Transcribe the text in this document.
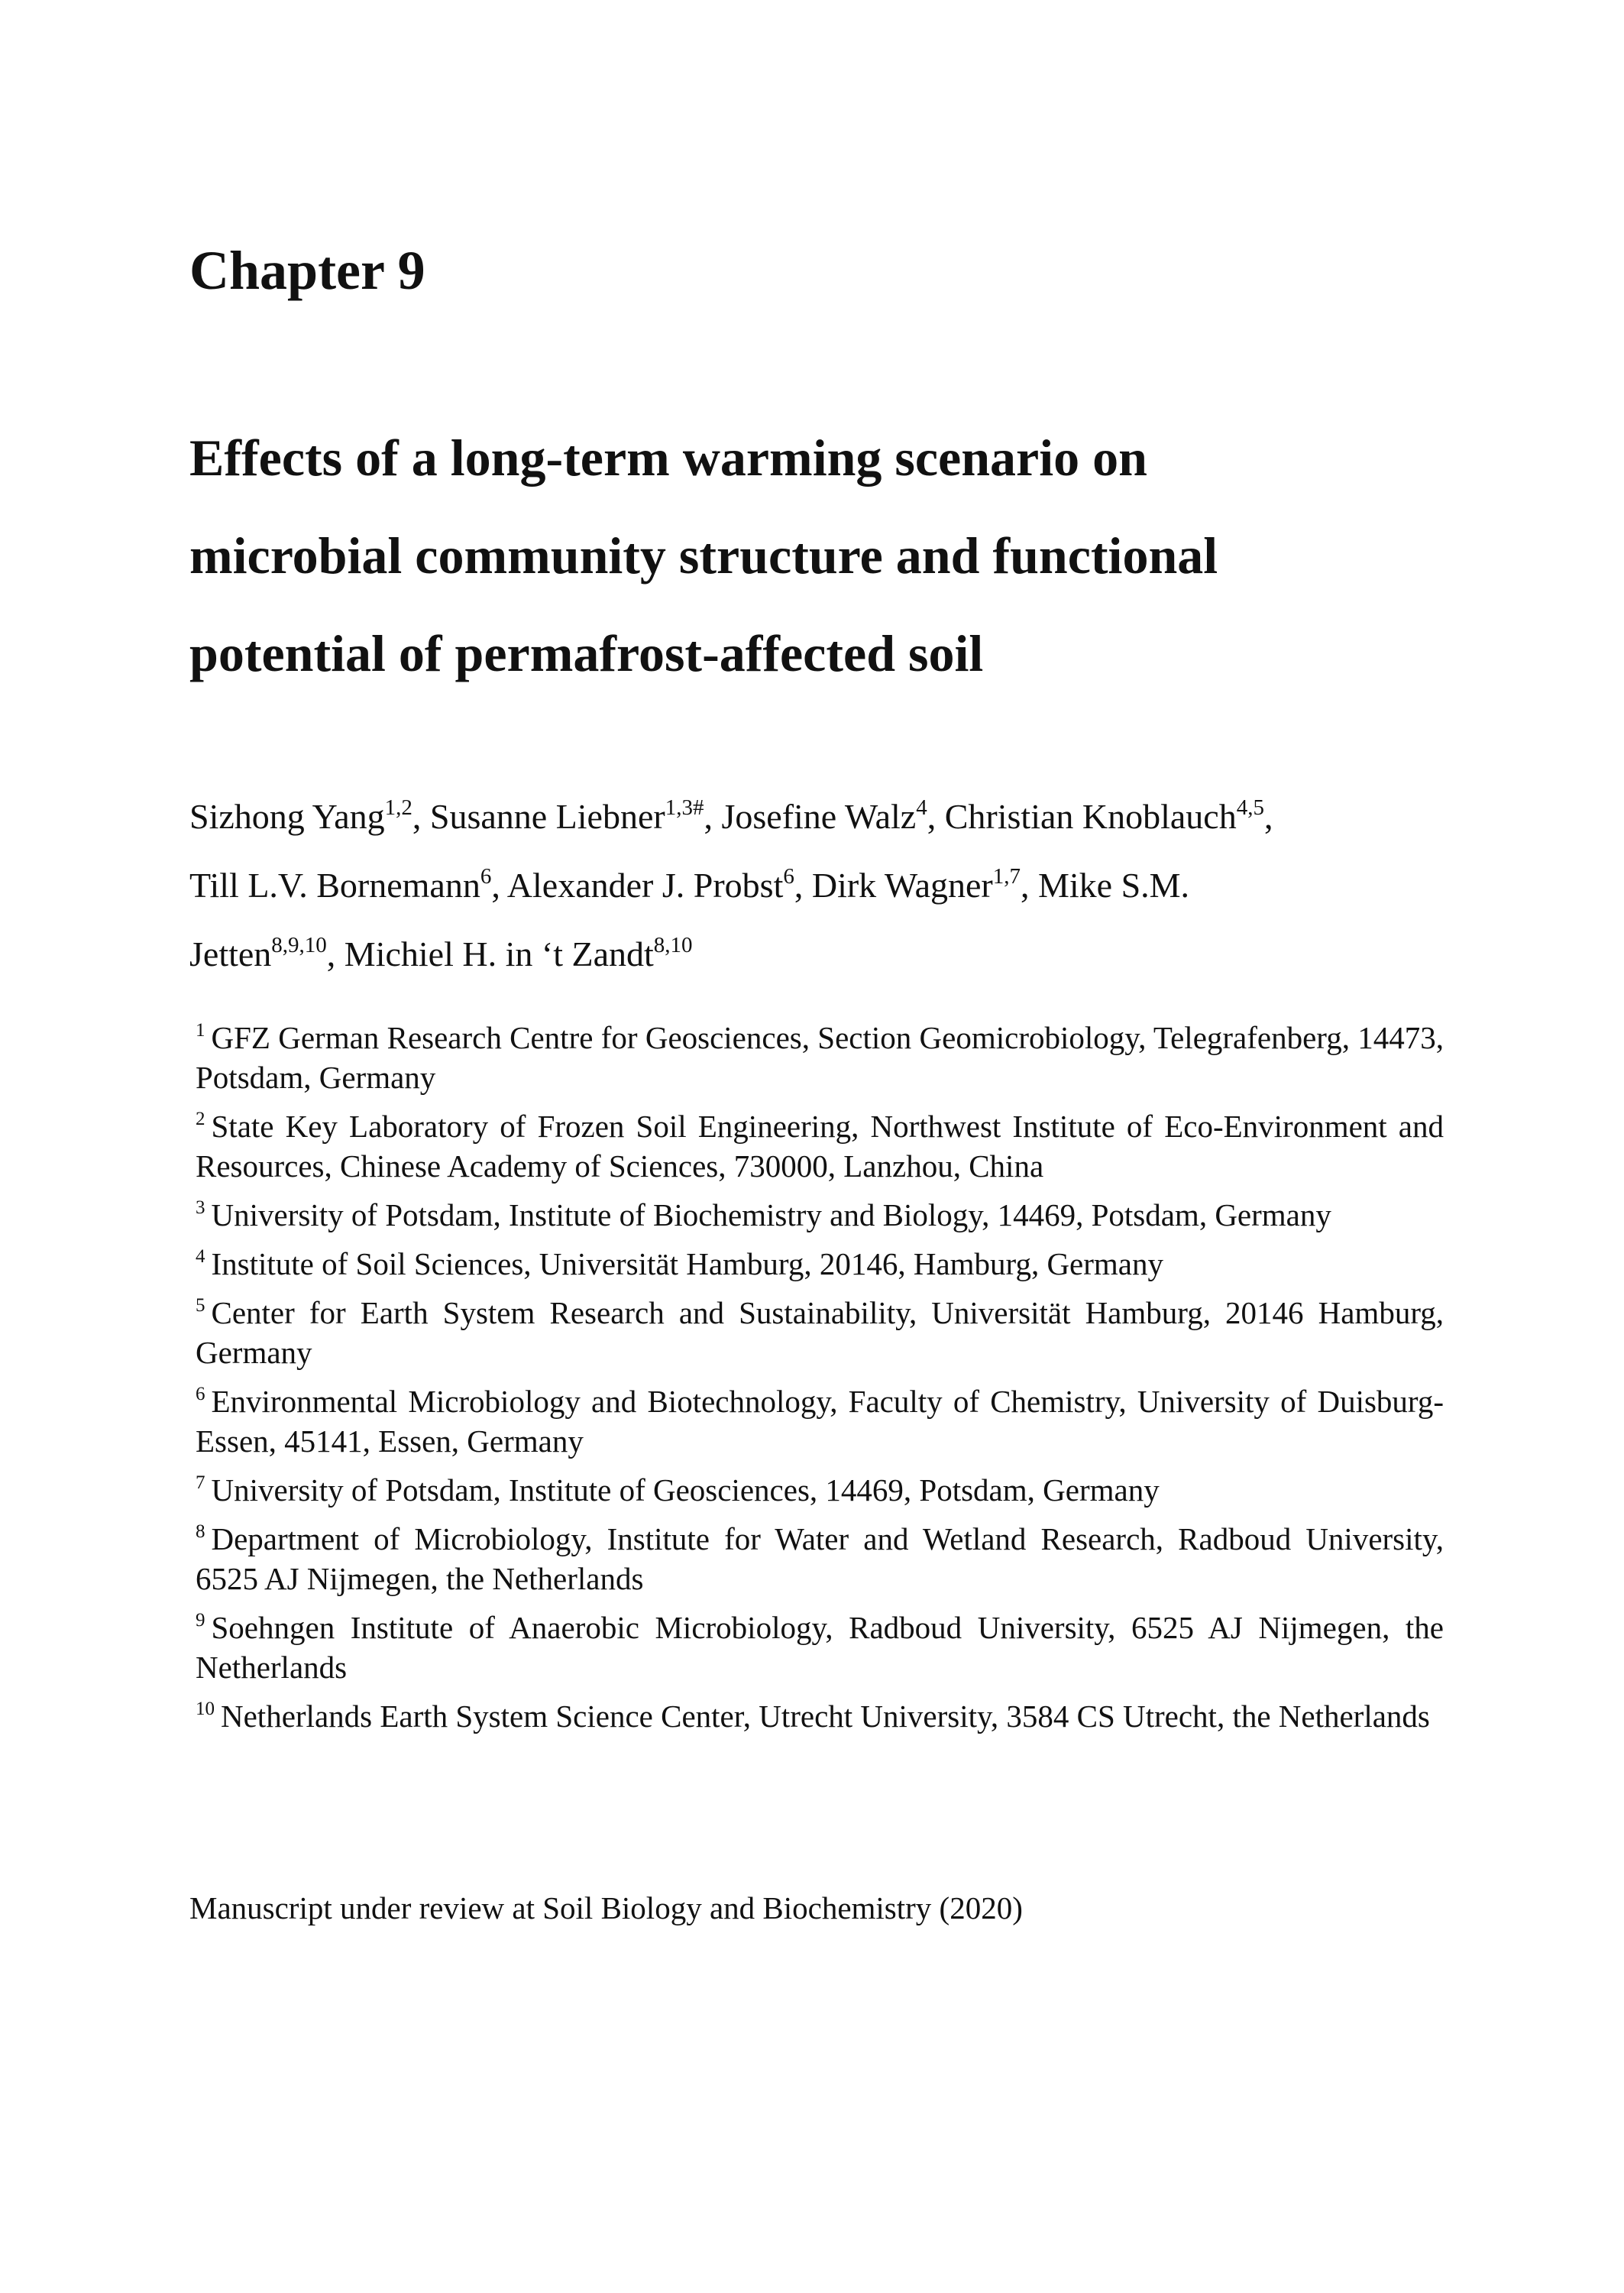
Chapter 9
Effects of a long-term warming scenario on
microbial community structure and functional
potential of permafrost-affected soil

Sizhong Yang$^{1,2}$, Susanne Liebner$^{1,3\#}$, Josefine Walz$^4$, Christian Knoblauch$^{4,5}$,
Till L.V. Bornemann$^6$, Alexander J. Probst$^6$, Dirk Wagner$^{1,7}$, Mike S.M.
Jetten$^{8,9,10}$, Michiel H. in ‘t Zandt$^{8,10}$

$^1$ GFZ German Research Centre for Geosciences, Section Geomicrobiology, Telegrafenberg, 14473, Potsdam, Germany

$^2$ State Key Laboratory of Frozen Soil Engineering, Northwest Institute of Eco-Environment and Resources, Chinese Academy of Sciences, 730000, Lanzhou, China

$^3$ University of Potsdam, Institute of Biochemistry and Biology, 14469, Potsdam, Germany

$^4$ Institute of Soil Sciences, Universität Hamburg, 20146, Hamburg, Germany

$^5$ Center for Earth System Research and Sustainability, Universität Hamburg, 20146 Hamburg, Germany

$^6$ Environmental Microbiology and Biotechnology, Faculty of Chemistry, University of Duisburg-Essen, 45141, Essen, Germany

$^7$ University of Potsdam, Institute of Geosciences, 14469, Potsdam, Germany

$^8$ Department of Microbiology, Institute for Water and Wetland Research, Radboud University, 6525 AJ Nijmegen, the Netherlands

$^9$ Soehngen Institute of Anaerobic Microbiology, Radboud University, 6525 AJ Nijmegen, the Netherlands

$^{10}$ Netherlands Earth System Science Center, Utrecht University, 3584 CS Utrecht, the Netherlands

Manuscript under review at Soil Biology and Biochemistry (2020)
